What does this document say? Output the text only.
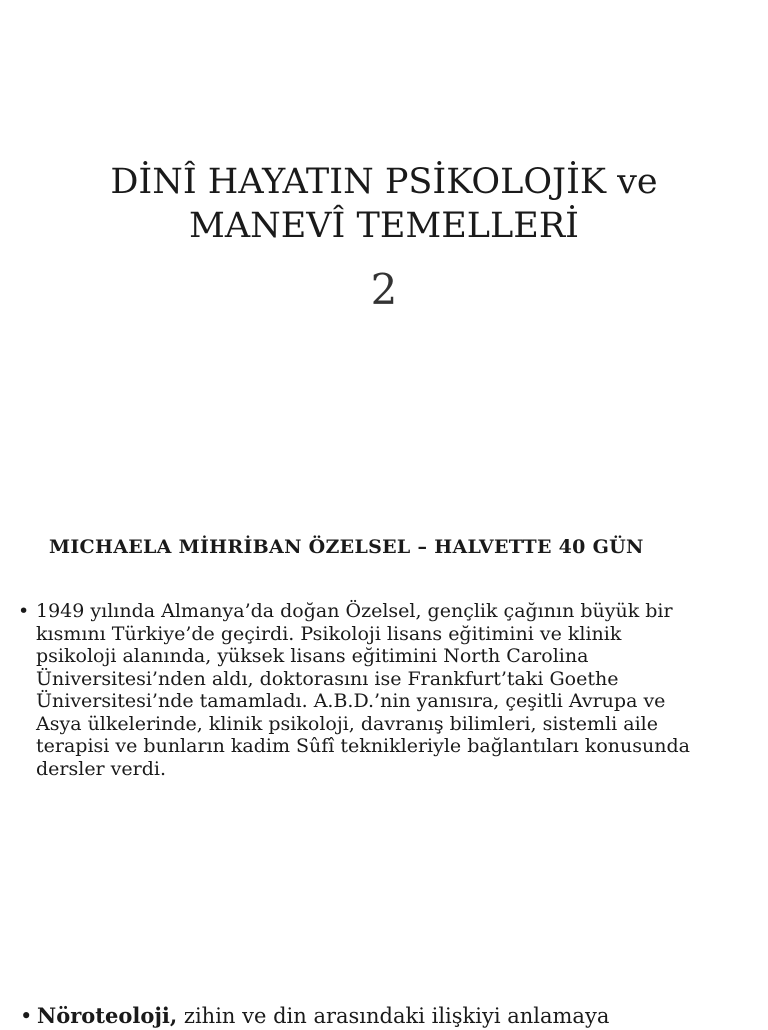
DİNÎ HAYATIN PSİKOLOJİK ve
MANEVÎ TEMELLERİ
2
MICHAELA MİHRİBAN ÖZELSEL – HALVETTE 40 GÜN
• 1949 yılında Almanya’da doğan Özelsel, gençlik çağının büyük bir kısmını Türkiye’de geçirdi. Psikoloji lisans eğitimini ve klinik psikoloji alanında, yüksek lisans eğitimini North Carolina Üniversitesi’nden aldı, doktorasını ise Frankfurt’taki Goethe Üniversitesi’nde tamamladı. A.B.D.’nin yanısıra, çeşitli Avrupa ve Asya ülkelerinde, klinik psikoloji, davranış bilimleri, sistemli aile terapisi ve bunların kadim Sûfî teknikleriyle bağlantıları konusunda dersler verdi.
• Nöroteoloji, zihin ve din arasındaki ilişkiyi anlamaya
